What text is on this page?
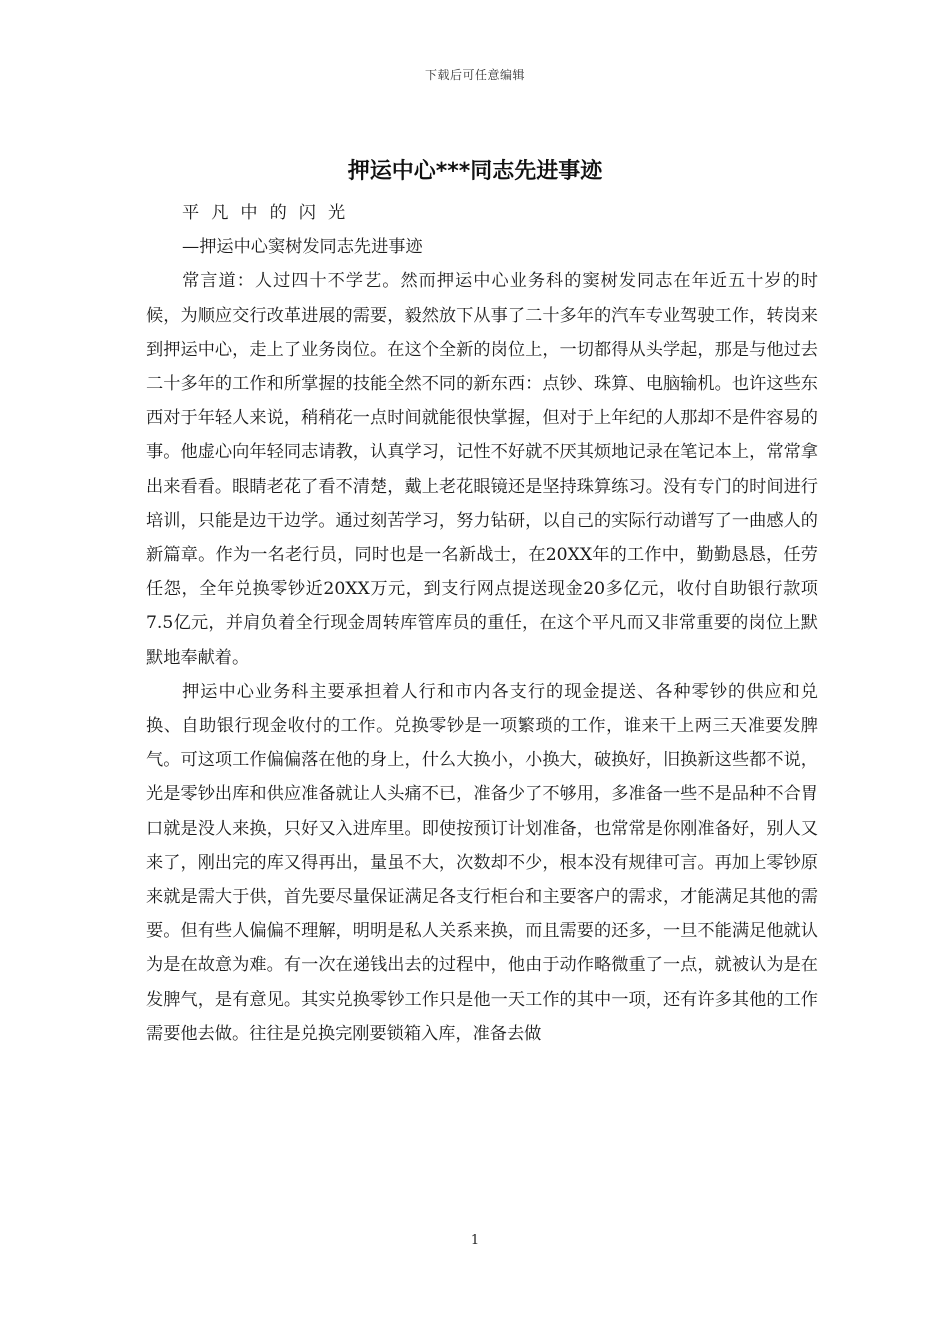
下载后可任意编辑
押运中心***同志先进事迹

平凡中的闪光

—押运中心窦树发同志先进事迹

常言道：人过四十不学艺。然而押运中心业务科的窦树发同志在年近五十岁的时候，为顺应交行改革进展的需要，毅然放下从事了二十多年的汽车专业驾驶工作，转岗来到押运中心，走上了业务岗位。在这个全新的岗位上，一切都得从头学起，那是与他过去二十多年的工作和所掌握的技能全然不同的新东西：点钞、珠算、电脑输机。也许这些东西对于年轻人来说，稍稍花一点时间就能很快掌握，但对于上年纪的人那却不是件容易的事。他虚心向年轻同志请教，认真学习，记性不好就不厌其烦地记录在笔记本上，常常拿出来看看。眼睛老花了看不清楚，戴上老花眼镜还是坚持珠算练习。没有专门的时间进行培训，只能是边干边学。通过刻苦学习，努力钻研，以自己的实际行动谱写了一曲感人的新篇章。作为一名老行员，同时也是一名新战士，在20XX年的工作中，勤勤恳恳，任劳任怨，全年兑换零钞近20XX万元，到支行网点提送现金20多亿元，收付自助银行款项7.5亿元，并肩负着全行现金周转库管库员的重任，在这个平凡而又非常重要的岗位上默默地奉献着。

押运中心业务科主要承担着人行和市内各支行的现金提送、各种零钞的供应和兑换、自助银行现金收付的工作。兑换零钞是一项繁琐的工作，谁来干上两三天准要发脾气。可这项工作偏偏落在他的身上，什么大换小，小换大，破换好，旧换新这些都不说，光是零钞出库和供应准备就让人头痛不已，准备少了不够用，多准备一些不是品种不合胃口就是没人来换，只好又入进库里。即使按预订计划准备，也常常是你刚准备好，别人又来了，刚出完的库又得再出，量虽不大，次数却不少，根本没有规律可言。再加上零钞原来就是需大于供，首先要尽量保证满足各支行柜台和主要客户的需求，才能满足其他的需要。但有些人偏偏不理解，明明是私人关系来换，而且需要的还多，一旦不能满足他就认为是在故意为难。有一次在递钱出去的过程中，他由于动作略微重了一点，就被认为是在发脾气，是有意见。其实兑换零钞工作只是他一天工作的其中一项，还有许多其他的工作需要他去做。往往是兑换完刚要锁箱入库，准备去做

1
